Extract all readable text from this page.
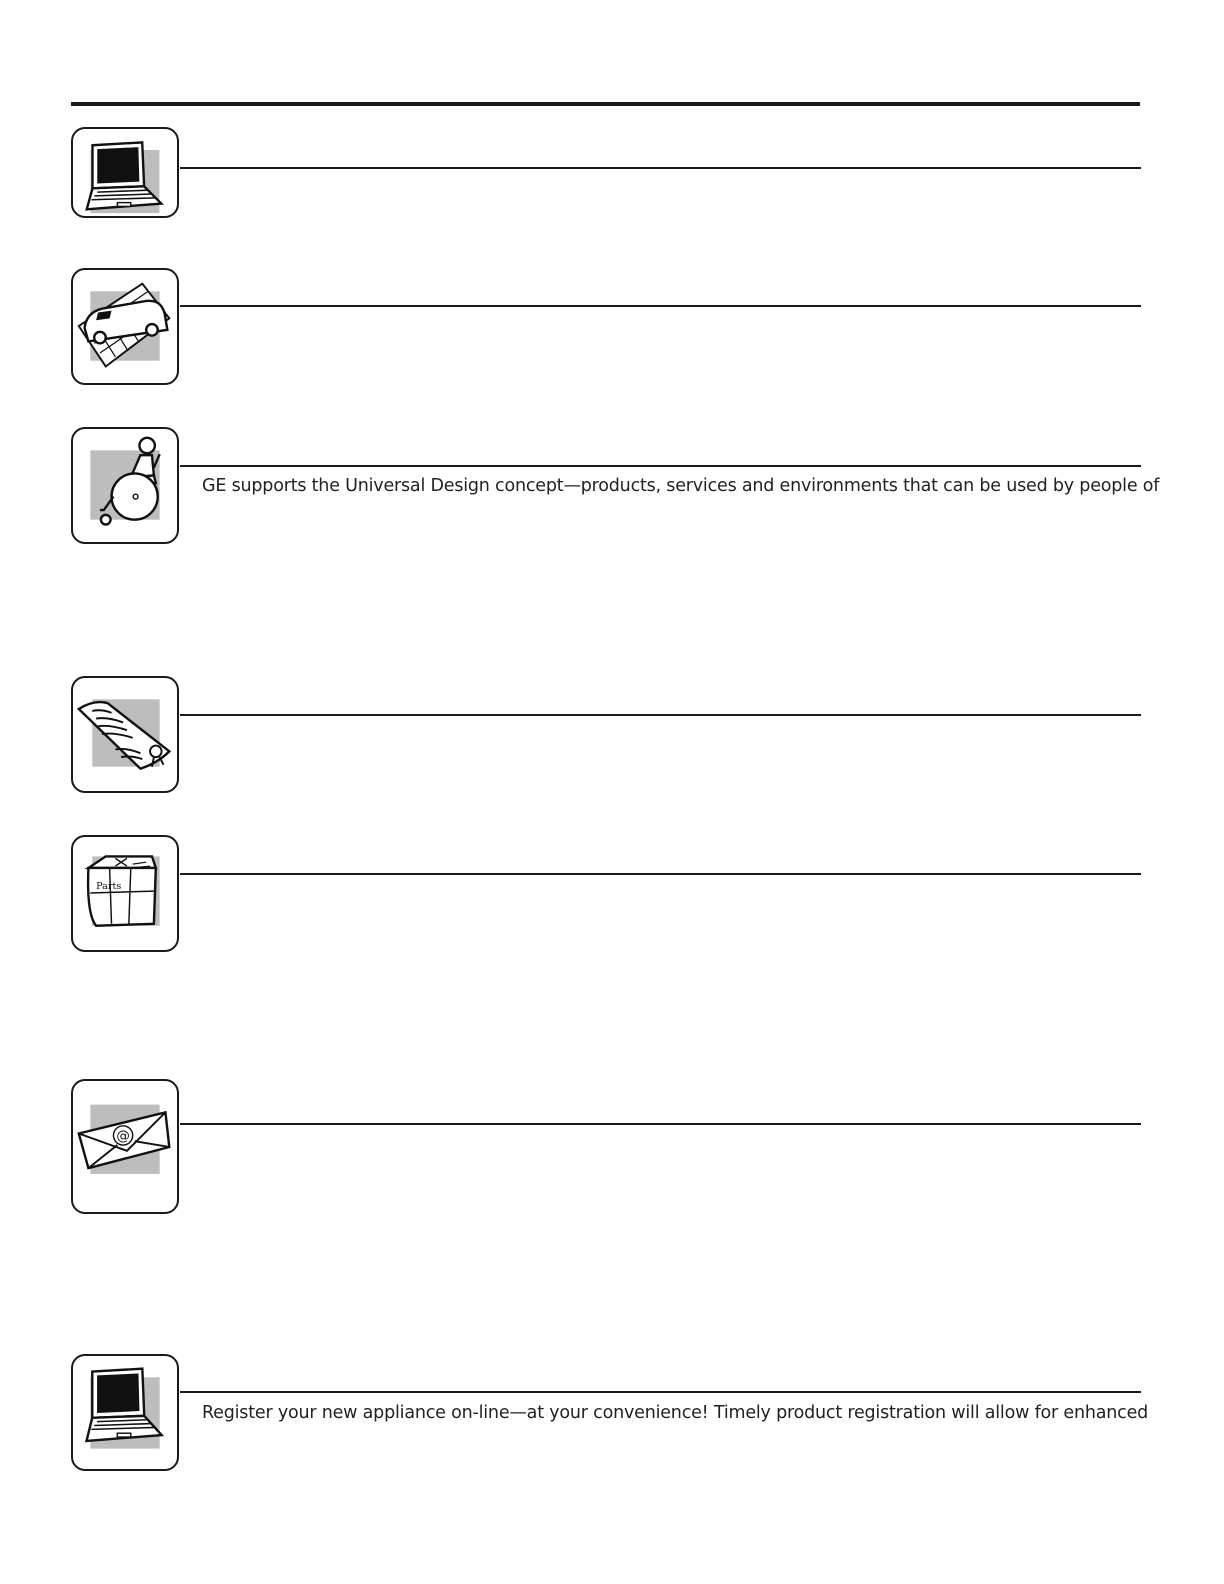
GE supports the Universal Design concept—products, services and environments that can be used by people of
Parts
@
Register your new appliance on-line—at your convenience! Timely product registration will allow for enhanced
